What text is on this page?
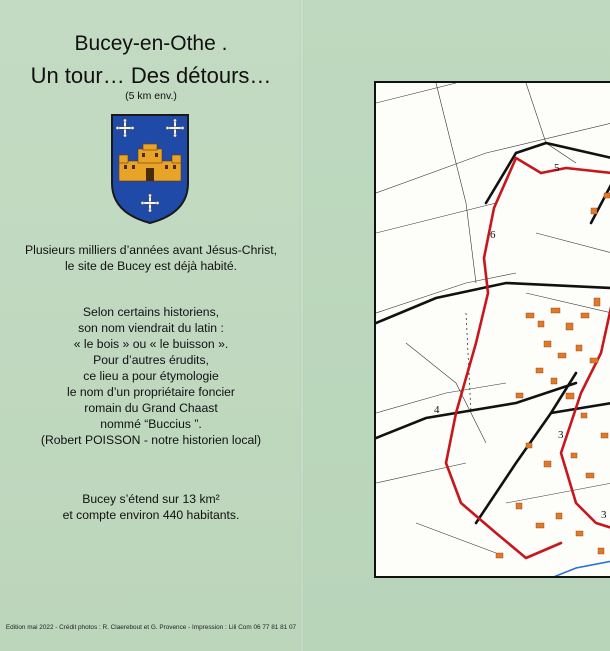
Bucey-en-Othe .
Un tour… Des détours…
(5 km env.)
Plusieurs milliers d’années avant Jésus-Christ,
le site de Bucey est déjà habité.
Selon certains historiens,
son nom viendrait du latin :
« le bois » ou « le buisson ».
Pour d’autres érudits,
ce lieu a pour étymologie
le nom d’un propriétaire foncier
romain du Grand Chaast
nommé “Buccius ”.
(Robert POISSON - notre historien local)
Bucey s’étend sur 13 km²
et compte environ 440 habitants.
Edition mai 2022 - Crédit photos : R. Claerebout et G. Provence - Impression : Lili Com 06 77 81 81 07
5
6
4
3
3
